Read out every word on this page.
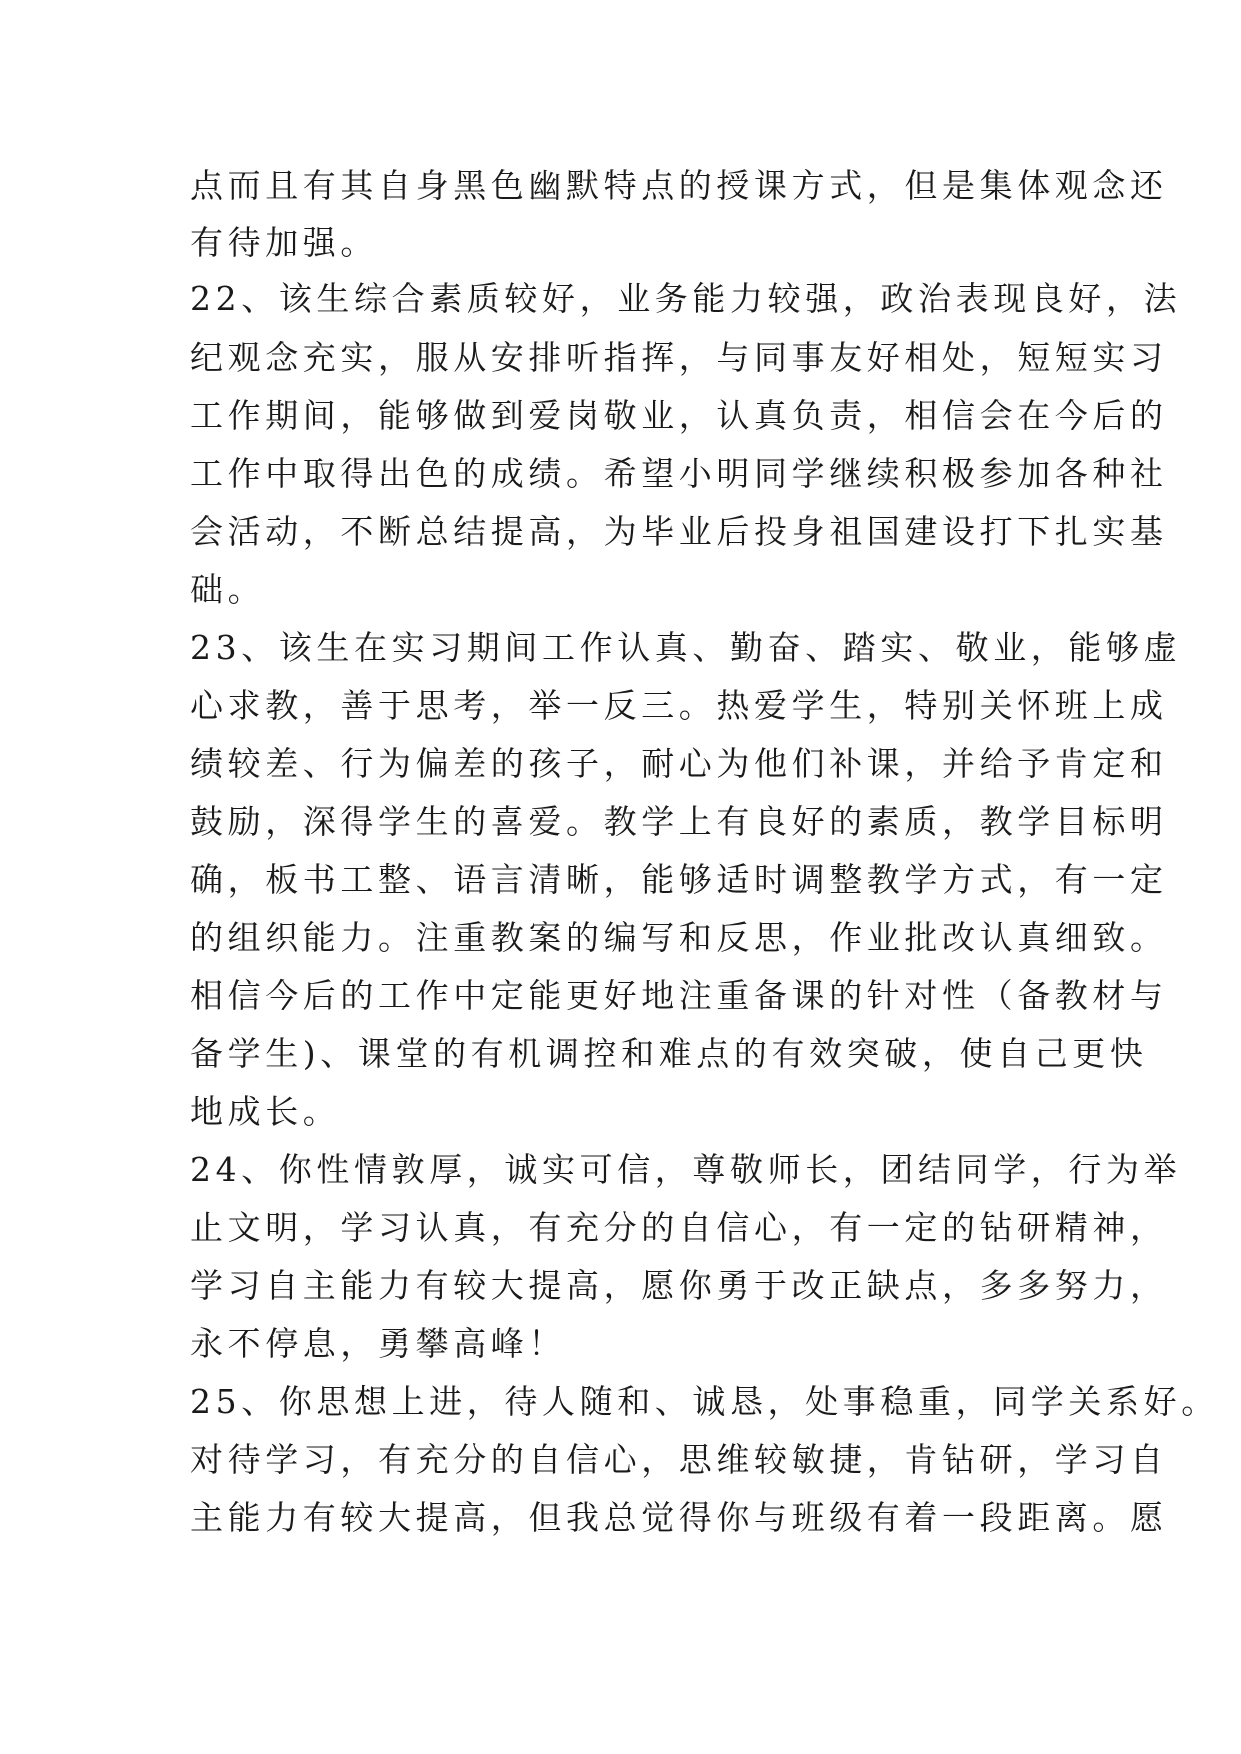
点而且有其自身黑色幽默特点的授课方式，但是集体观念还
有待加强。
22、该生综合素质较好，业务能力较强，政治表现良好，法
纪观念充实，服从安排听指挥，与同事友好相处，短短实习
工作期间，能够做到爱岗敬业，认真负责，相信会在今后的
工作中取得出色的成绩。希望小明同学继续积极参加各种社
会活动，不断总结提高，为毕业后投身祖国建设打下扎实基
础。
23、该生在实习期间工作认真、勤奋、踏实、敬业，能够虚
心求教，善于思考，举一反三。热爱学生，特别关怀班上成
绩较差、行为偏差的孩子，耐心为他们补课，并给予肯定和
鼓励，深得学生的喜爱。教学上有良好的素质，教学目标明
确，板书工整、语言清晰，能够适时调整教学方式，有一定
的组织能力。注重教案的编写和反思，作业批改认真细致。
相信今后的工作中定能更好地注重备课的针对性（备教材与
备学生)、课堂的有机调控和难点的有效突破，使自己更快
地成长。
24、你性情敦厚，诚实可信，尊敬师长，团结同学，行为举
止文明，学习认真，有充分的自信心，有一定的钻研精神，
学习自主能力有较大提高，愿你勇于改正缺点，多多努力，
永不停息，勇攀高峰！
25、你思想上进，待人随和、诚恳，处事稳重，同学关系好。
对待学习，有充分的自信心，思维较敏捷，肯钻研，学习自
主能力有较大提高，但我总觉得你与班级有着一段距离。愿
